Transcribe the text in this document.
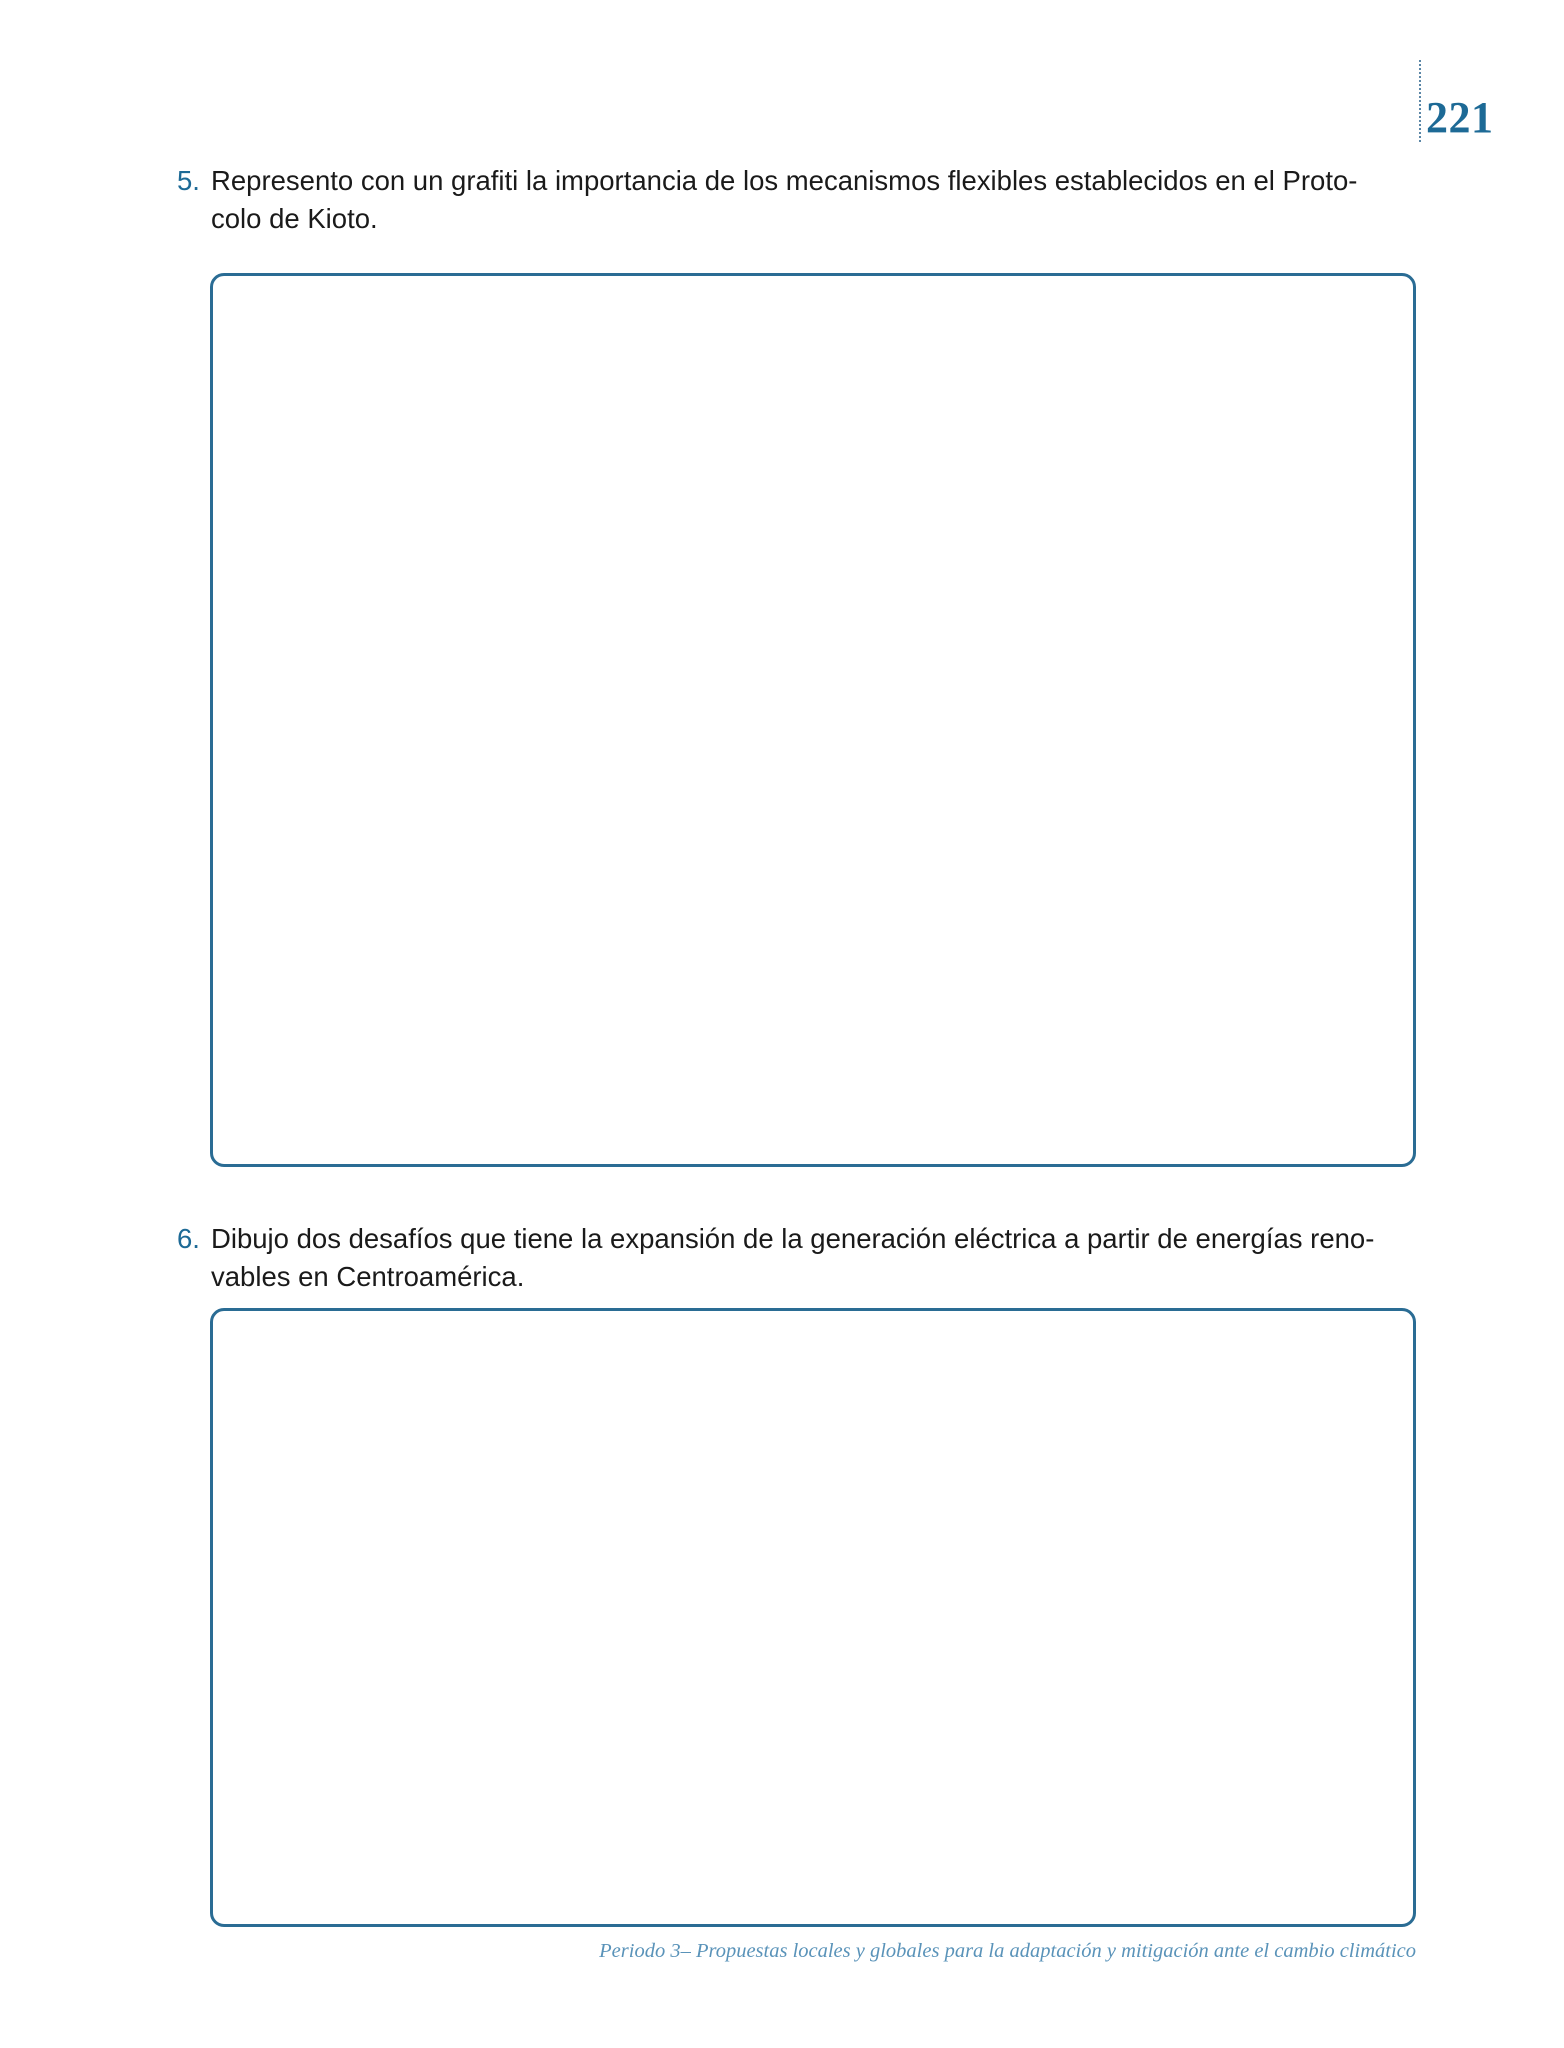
221
5. Represento con un grafiti la importancia de los mecanismos flexibles establecidos en el Proto-
colo de Kioto.
6. Dibujo dos desafíos que tiene la expansión de la generación eléctrica a partir de energías reno-
vables en Centroamérica.
Periodo 3– Propuestas locales y globales para la adaptación y mitigación ante el cambio climático
